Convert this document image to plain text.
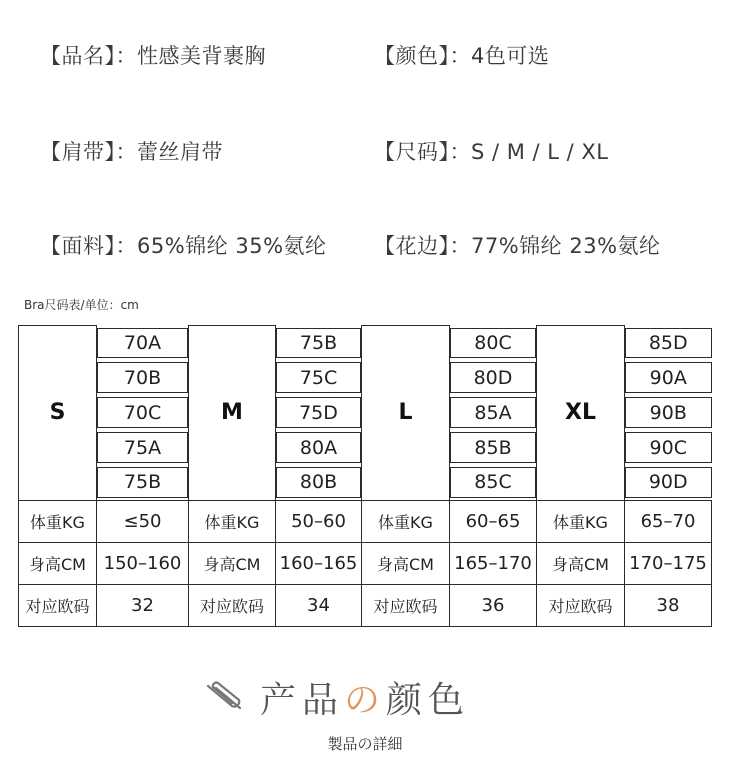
【品名】：性感美背裹胸	【颜色】：4色可选
【肩带】：蕾丝肩带	【尺码】：S / M / L / XL
【面料】：65%锦纶 35%氨纶 【花边】：77%锦纶 23%氨纶
Bra尺码表/单位：cm
S	70A	M	75B	L	80C	XL	85D
	70B		75C		80D		90A
	70C		75D		85A		90B
	75A		80A		85B		90C
	75B		80B		85C		90D
体重KG	≤50	体重KG	50–60	体重KG	60–65	体重KG	65–70
身高CM	150–160	身高CM	160–165	身高CM	165–170	身高CM	170–175
对应欧码	32	对应欧码	34	对应欧码	36	对应欧码	38
产品の颜色
製品の詳細
